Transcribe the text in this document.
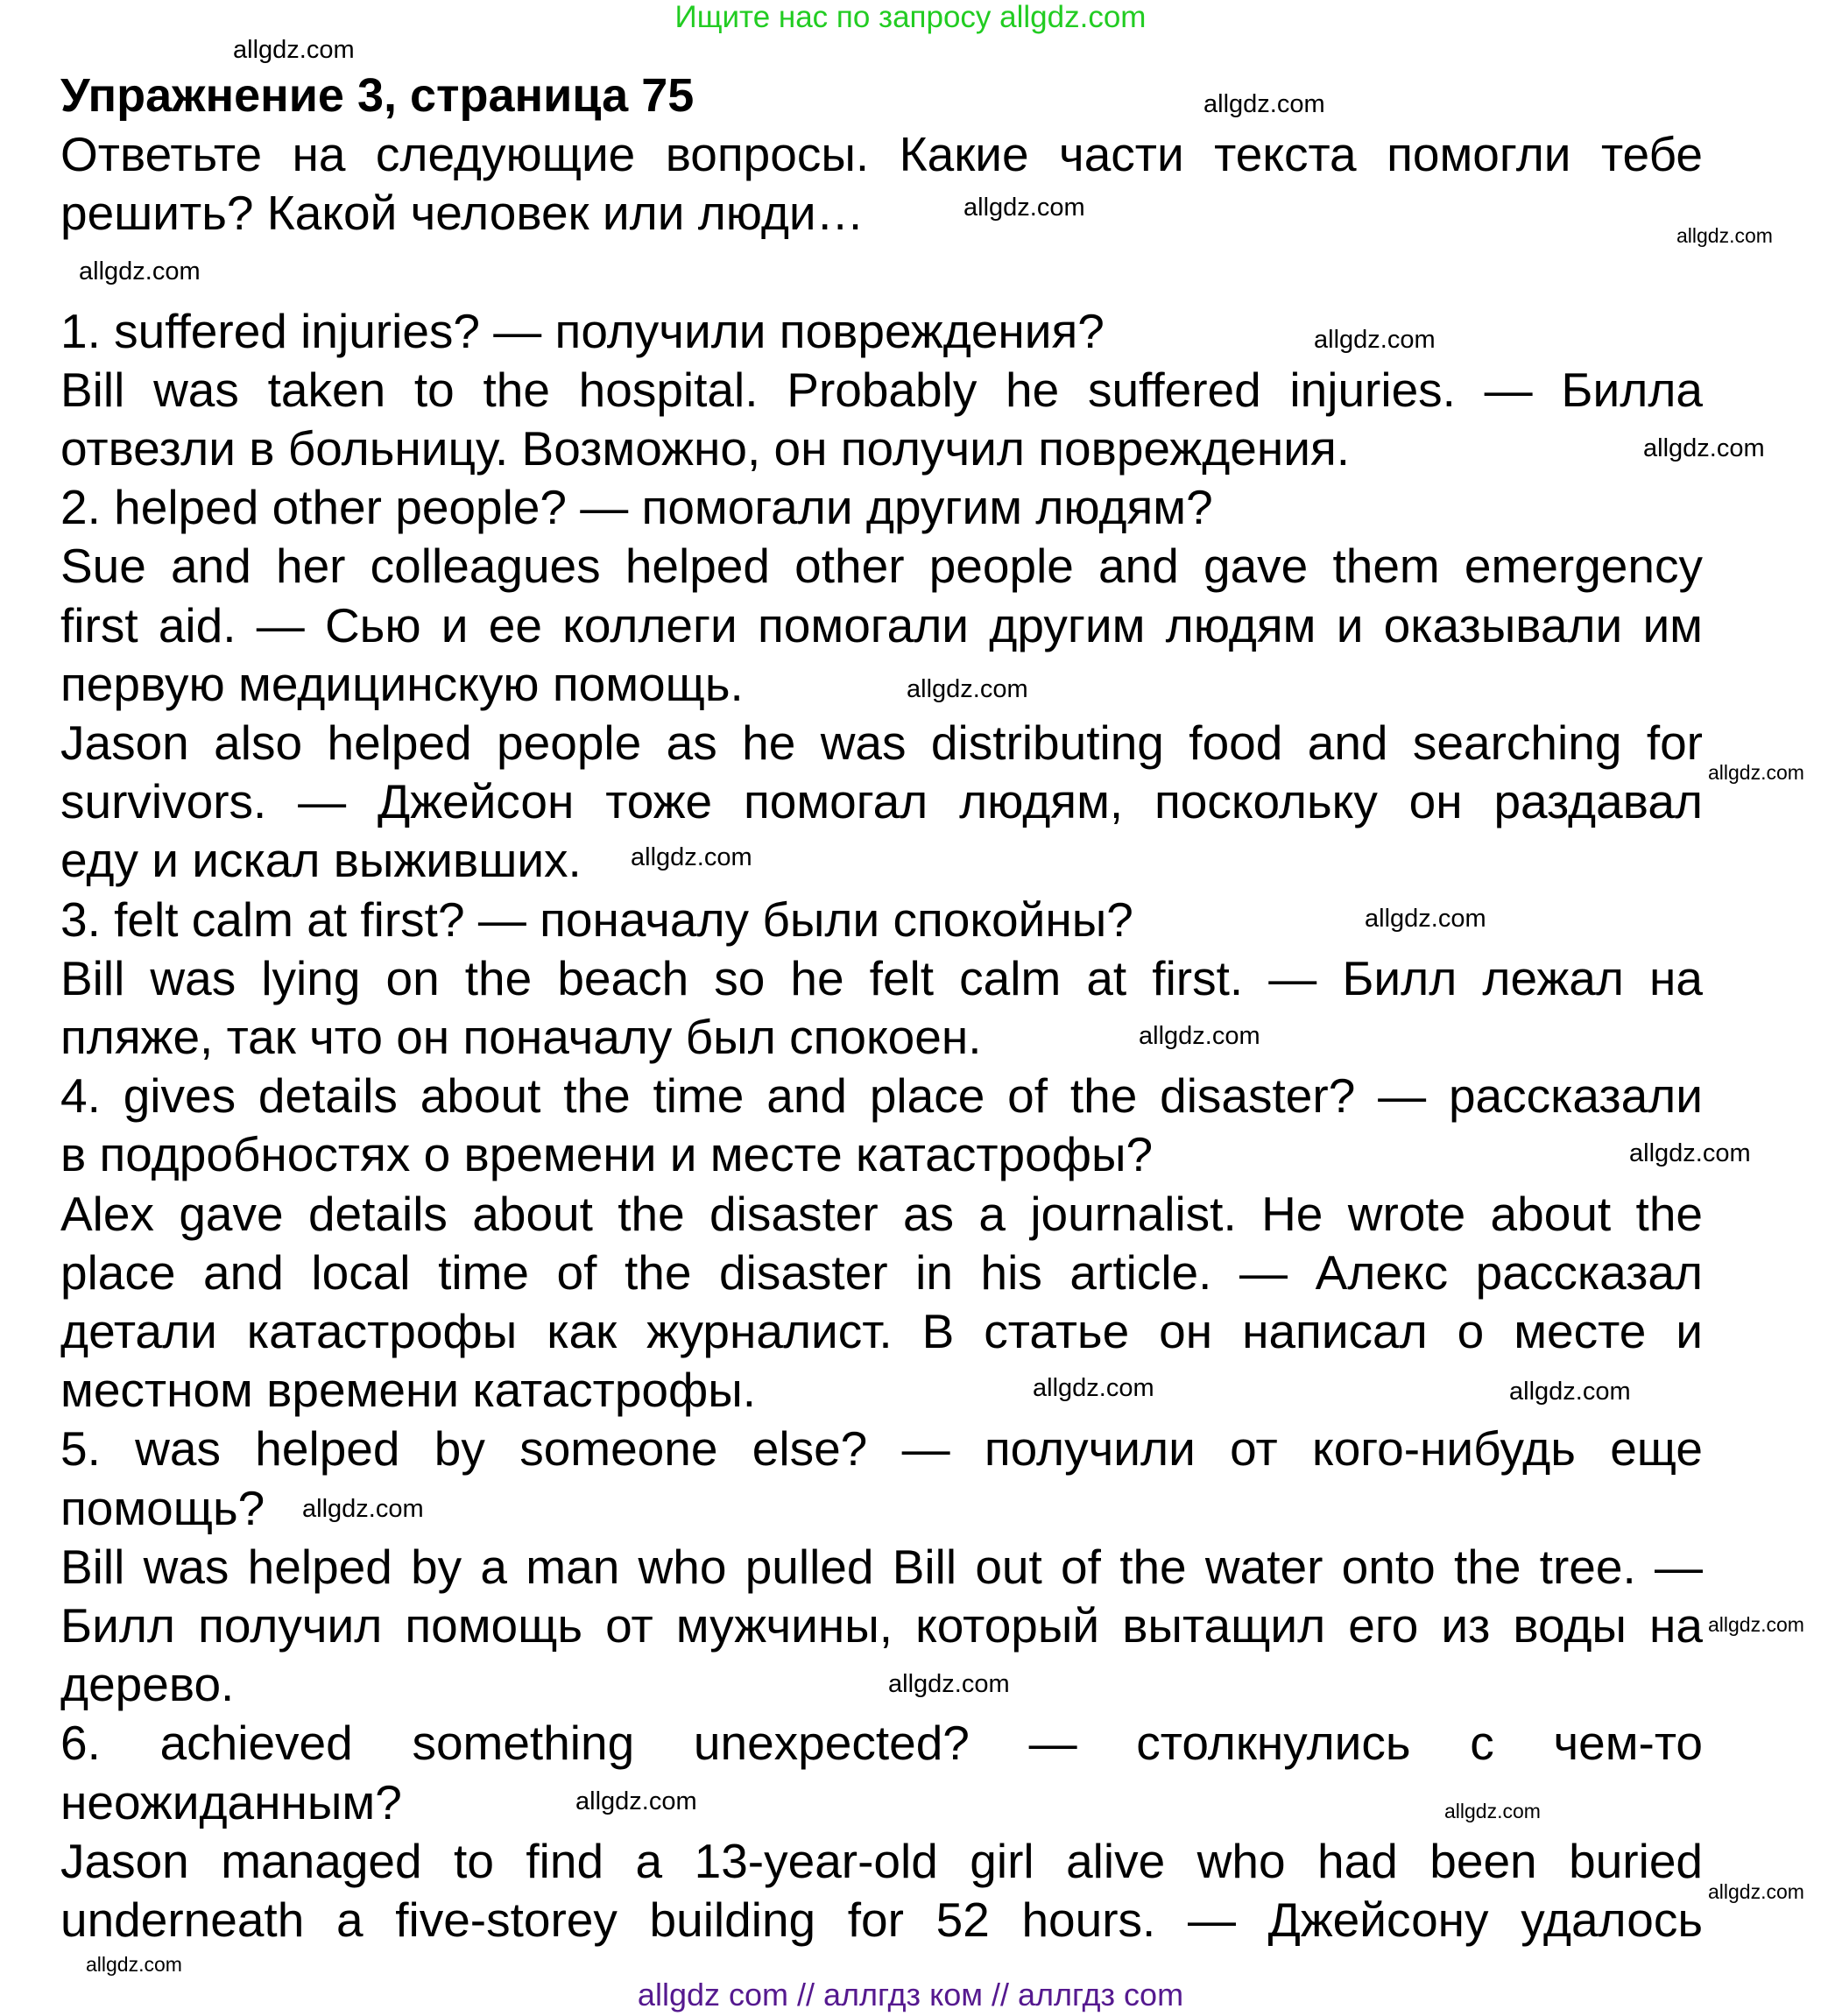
Ищите нас по запросу allgdz.com
Упражнение 3, страница 75
Ответьте на следующие вопросы. Какие части текста помогли тебе
решить? Какой человек или люди…
1. suffered injuries? — получили повреждения?
Bill was taken to the hospital. Probably he suffered injuries. — Билла
отвезли в больницу. Возможно, он получил повреждения.
2. helped other people? — помогали другим людям?
Sue and her colleagues helped other people and gave them emergency
first aid. — Сью и ее коллеги помогали другим людям и оказывали им
первую медицинскую помощь.
Jason also helped people as he was distributing food and searching for
survivors. — Джейсон тоже помогал людям, поскольку он раздавал
еду и искал выживших.
3. felt calm at first? — поначалу были спокойны?
Bill was lying on the beach so he felt calm at first. — Билл лежал на
пляже, так что он поначалу был спокоен.
4. gives details about the time and place of the disaster? — рассказали
в подробностях о времени и месте катастрофы?
Alex gave details about the disaster as a journalist. He wrote about the
place and local time of the disaster in his article. — Алекс рассказал
детали катастрофы как журналист. В статье он написал о месте и
местном времени катастрофы.
5. was helped by someone else? — получили от кого-нибудь еще
помощь?
Bill was helped by a man who pulled Bill out of the water onto the tree. —
Билл получил помощь от мужчины, который вытащил его из воды на
дерево.
6. achieved something unexpected? — столкнулись с чем-то
неожиданным?
Jason managed to find a 13-year-old girl alive who had been buried
underneath a five-storey building for 52 hours. — Джейсону удалось
allgdz.com
allgdz.com
allgdz.com
allgdz.com
allgdz.com
allgdz.com
allgdz.com
allgdz.com
allgdz.com
allgdz.com
allgdz.com
allgdz.com
allgdz.com
allgdz.com	allgdz.com
allgdz.com
allgdz.com
allgdz.com
allgdz.com	allgdz.com
allgdz.com
allgdz.com
allgdz com // аллгдз ком // аллгдз com
